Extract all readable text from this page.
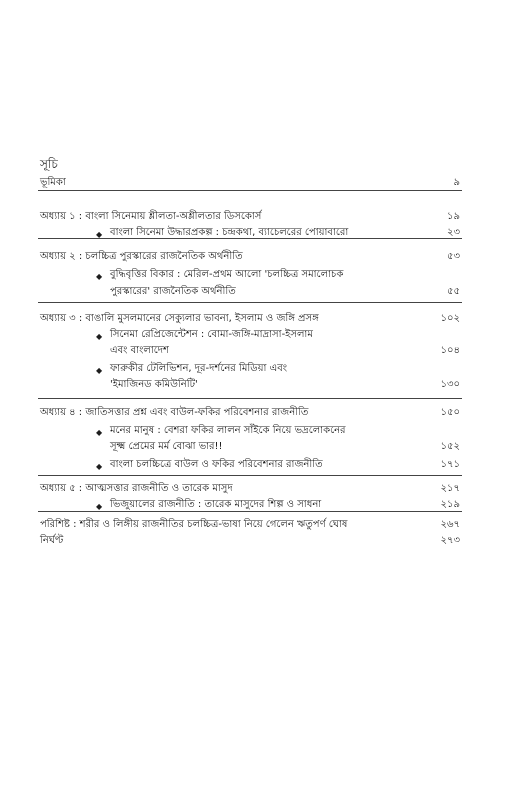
সূচি
ভূমিকা	৯
অধ্যায় ১ : বাংলা সিনেমায় শ্লীলতা-অশ্লীলতার ডিসকোর্স	১৯
◆ বাংলা সিনেমা উদ্ধারপ্রকল্প : চন্দ্রকথা, ব্যাচেলরের পোয়াবারো	২৩
অধ্যায় ২ : চলচ্চিত্র পুরস্কারের রাজনৈতিক অর্থনীতি	৫৩
◆ বুদ্ধিবৃত্তির বিকার : মেরিল-প্রথম আলো 'চলচ্চিত্র সমালোচক
পুরস্কারের' রাজনৈতিক অর্থনীতি	৫৫
অধ্যায় ৩ : বাঙালি মুসলমানের সেক্যুলার ভাবনা, ইসলাম ও জঙ্গি প্রসঙ্গ	১০২
◆ সিনেমা রেপ্রিজেন্টেশন : বোমা-জঙ্গি-মাদ্রাসা-ইসলাম
এবং বাংলাদেশ	১০৪
◆ ফারুকীর টেলিভিশন, দূর-দর্শনের মিডিয়া এবং
'ইমাজিনড কমিউনিটি'	১৩০
অধ্যায় ৪ : জাতিসত্তার প্রশ্ন এবং বাউল-ফকির পরিবেশনার রাজনীতি	১৫০
◆ মনের মানুষ : বেশরা ফকির লালন সাঁইকে নিয়ে ভদ্রলোকনের
সূক্ষ্ম প্রেমের মর্ম বোঝা ভার!!	১৫২
◆ বাংলা চলচ্চিত্রে বাউল ও ফকির পরিবেশনার রাজনীতি	১৭১
অধ্যায় ৫ : আত্মসত্তার রাজনীতি ও তারেক মাসুদ	২১৭
◆ ভিজুয়ালের রাজনীতি : তারেক মাসুদের শিল্প ও সাধনা	২১৯
পরিশিষ্ট : শরীর ও লিঙ্গীয় রাজনীতির চলচ্চিত্র-ভাষা নিয়ে গেলেন ঋতুপর্ণ ঘোষ	২৬৭
নির্ঘণ্ট	২৭৩
